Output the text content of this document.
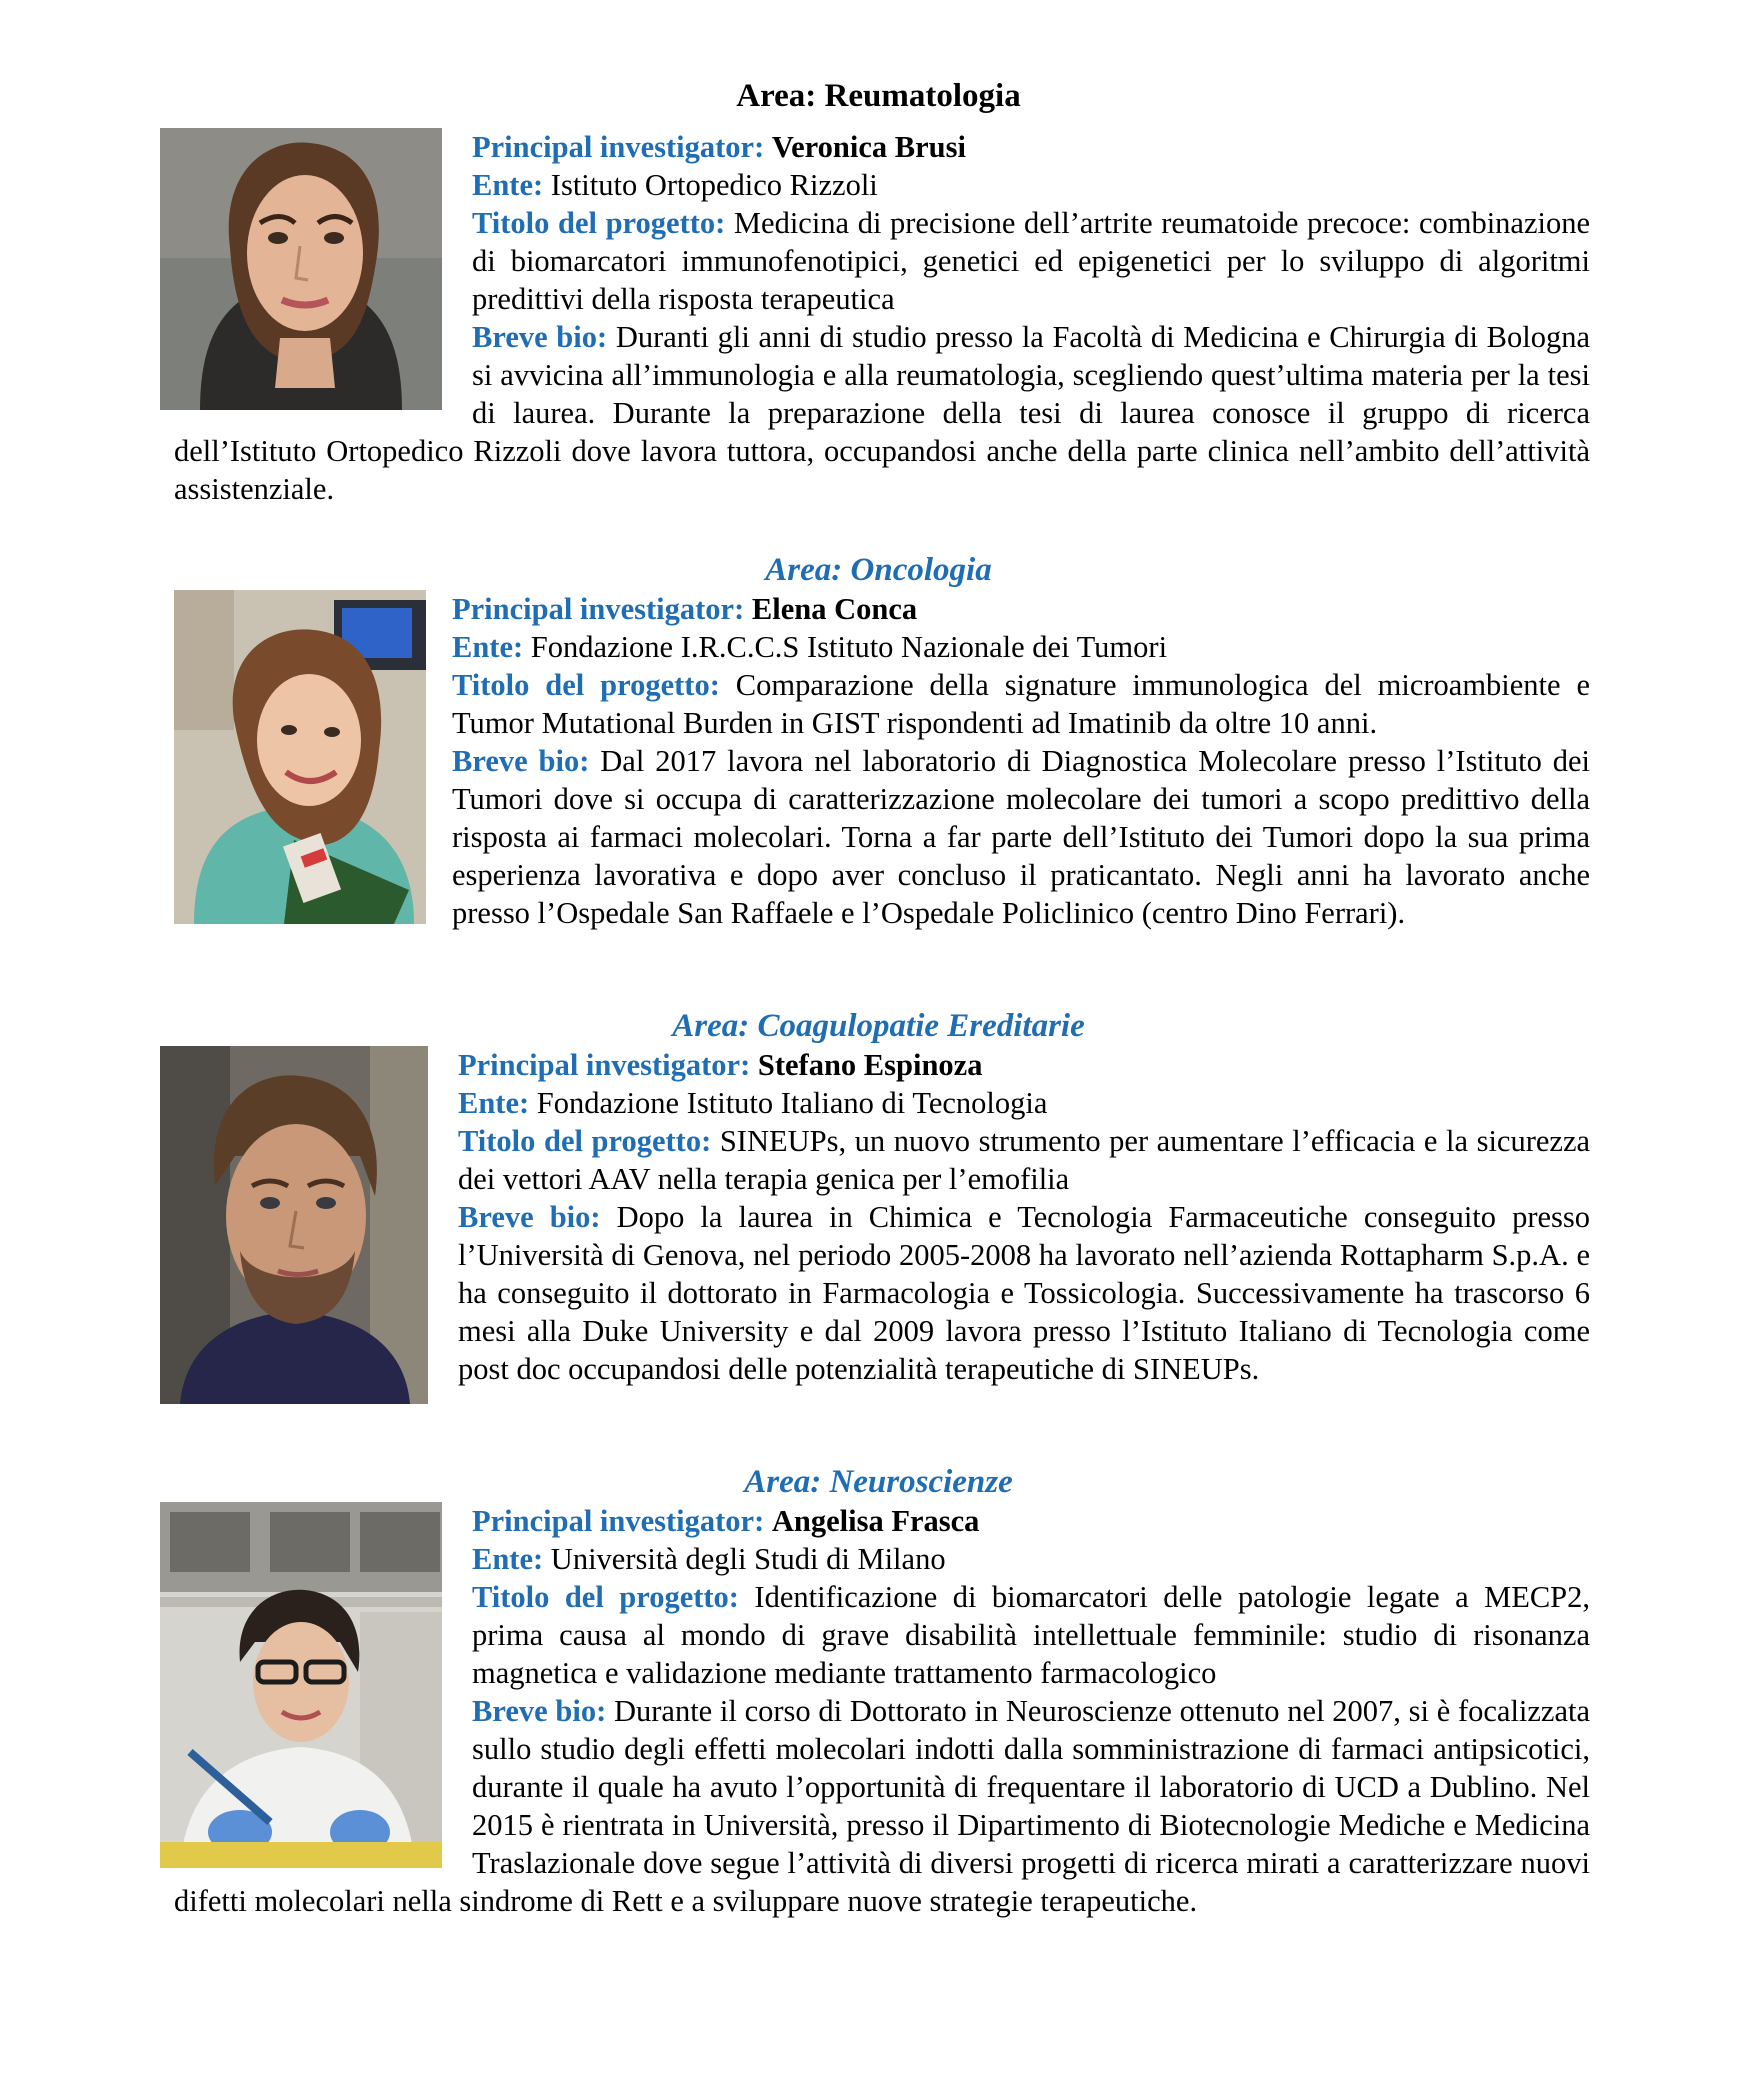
Area: Reumatologia

Principal investigator: Veronica Brusi

Ente: Istituto Ortopedico Rizzoli

Titolo del progetto: Medicina di precisione dell’artrite reumatoide precoce: combinazione di biomarcatori immunofenotipici, genetici ed epigenetici per lo sviluppo di algoritmi predittivi della risposta terapeutica

Breve bio: Duranti gli anni di studio presso la Facoltà di Medicina e Chirurgia di Bologna si avvicina all’immunologia e alla reumatologia, scegliendo quest’ultima materia per la tesi di laurea. Durante la preparazione della tesi di laurea conosce il gruppo di ricerca dell’Istituto Ortopedico Rizzoli dove lavora tuttora, occupandosi anche della parte clinica nell’ambito dell’attività assistenziale.

Area: Oncologia

Principal investigator: Elena Conca

Ente: Fondazione I.R.C.C.S Istituto Nazionale dei Tumori

Titolo del progetto: Comparazione della signature immunologica del microambiente e Tumor Mutational Burden in GIST rispondenti ad Imatinib da oltre 10 anni.

Breve bio: Dal 2017 lavora nel laboratorio di Diagnostica Molecolare presso l’Istituto dei Tumori dove si occupa di caratterizzazione molecolare dei tumori a scopo predittivo della risposta ai farmaci molecolari. Torna a far parte dell’Istituto dei Tumori dopo la sua prima esperienza lavorativa e dopo aver concluso il praticantato. Negli anni ha lavorato anche presso l’Ospedale San Raffaele e l’Ospedale Policlinico (centro Dino Ferrari).

Area: Coagulopatie Ereditarie

Principal investigator: Stefano Espinoza

Ente: Fondazione Istituto Italiano di Tecnologia

Titolo del progetto: SINEUPs, un nuovo strumento per aumentare l’efficacia e la sicurezza dei vettori AAV nella terapia genica per l’emofilia

Breve bio: Dopo la laurea in Chimica e Tecnologia Farmaceutiche conseguito presso l’Università di Genova, nel periodo 2005-2008 ha lavorato nell’azienda Rottapharm S.p.A. e ha conseguito il dottorato in Farmacologia e Tossicologia. Successivamente ha trascorso 6 mesi alla Duke University e dal 2009 lavora presso l’Istituto Italiano di Tecnologia come post doc occupandosi delle potenzialità terapeutiche di SINEUPs.

Area: Neuroscienze

Principal investigator: Angelisa Frasca

Ente: Università degli Studi di Milano

Titolo del progetto: Identificazione di biomarcatori delle patologie legate a MECP2, prima causa al mondo di grave disabilità intellettuale femminile: studio di risonanza magnetica e validazione mediante trattamento farmacologico

Breve bio: Durante il corso di Dottorato in Neuroscienze ottenuto nel 2007, si è focalizzata sullo studio degli effetti molecolari indotti dalla somministrazione di farmaci antipsicotici, durante il quale ha avuto l’opportunità di frequentare il laboratorio di UCD a Dublino. Nel 2015 è rientrata in Università, presso il Dipartimento di Biotecnologie Mediche e Medicina Traslazionale dove segue l’attività di diversi progetti di ricerca mirati a caratterizzare nuovi difetti molecolari nella sindrome di Rett e a sviluppare nuove strategie terapeutiche.
